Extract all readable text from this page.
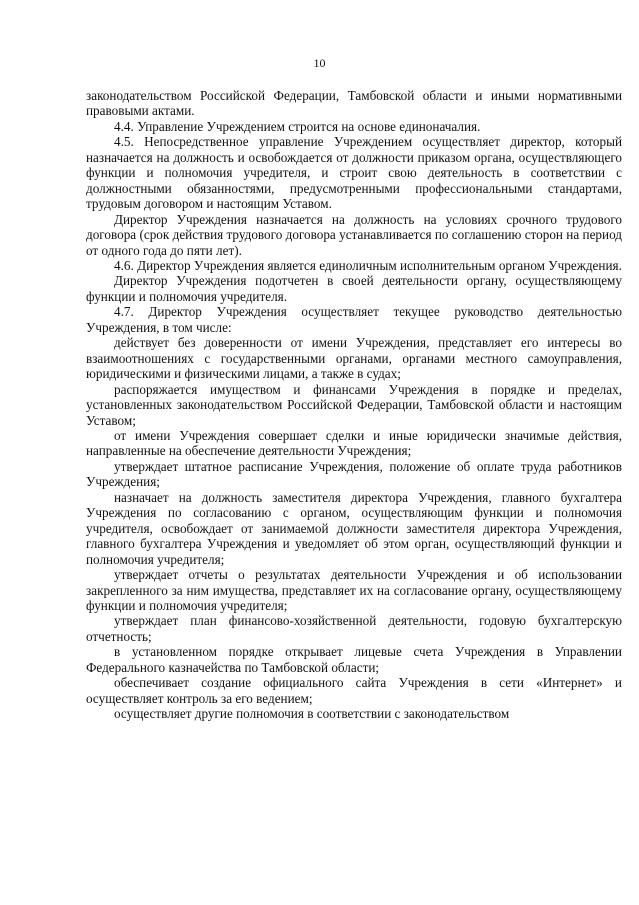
10

законодательством Российской Федерации, Тамбовской области и иными нормативными правовыми актами.

4.4. Управление Учреждением строится на основе единоначалия.

4.5. Непосредственное управление Учреждением осуществляет директор, который назначается на должность и освобождается от должности приказом органа, осуществляющего функции и полномочия учредителя, и строит свою деятельность в соответствии с должностными обязанностями, предусмотренными профессиональными стандартами, трудовым договором и настоящим Уставом.

Директор Учреждения назначается на должность на условиях срочного трудового договора (срок действия трудового договора устанавливается по соглашению сторон на период от одного года до пяти лет).

4.6. Директор Учреждения является единоличным исполнительным органом Учреждения.

Директор Учреждения подотчетен в своей деятельности органу, осуществляющему функции и полномочия учредителя.

4.7. Директор Учреждения осуществляет текущее руководство деятельностью Учреждения, в том числе:

действует без доверенности от имени Учреждения, представляет его интересы во взаимоотношениях с государственными органами, органами местного самоуправления, юридическими и физическими лицами, а также в судах;

распоряжается имуществом и финансами Учреждения в порядке и пределах, установленных законодательством Российской Федерации, Тамбовской области и настоящим Уставом;

от имени Учреждения совершает сделки и иные юридически значимые действия, направленные на обеспечение деятельности Учреждения;

утверждает штатное расписание Учреждения, положение об оплате труда работников Учреждения;

назначает на должность заместителя директора Учреждения, главного бухгалтера Учреждения по согласованию с органом, осуществляющим функции и полномочия учредителя, освобождает от занимаемой должности заместителя директора Учреждения, главного бухгалтера Учреждения и уведомляет об этом орган, осуществляющий функции и полномочия учредителя;

утверждает отчеты о результатах деятельности Учреждения и об использовании закрепленного за ним имущества, представляет их на согласование органу, осуществляющему функции и полномочия учредителя;

утверждает план финансово-хозяйственной деятельности, годовую бухгалтерскую отчетность;

в установленном порядке открывает лицевые счета Учреждения в Управлении Федерального казначейства по Тамбовской области;

обеспечивает создание официального сайта Учреждения в сети «Интернет» и осуществляет контроль за его ведением;

осуществляет другие полномочия в соответствии с законодательством
